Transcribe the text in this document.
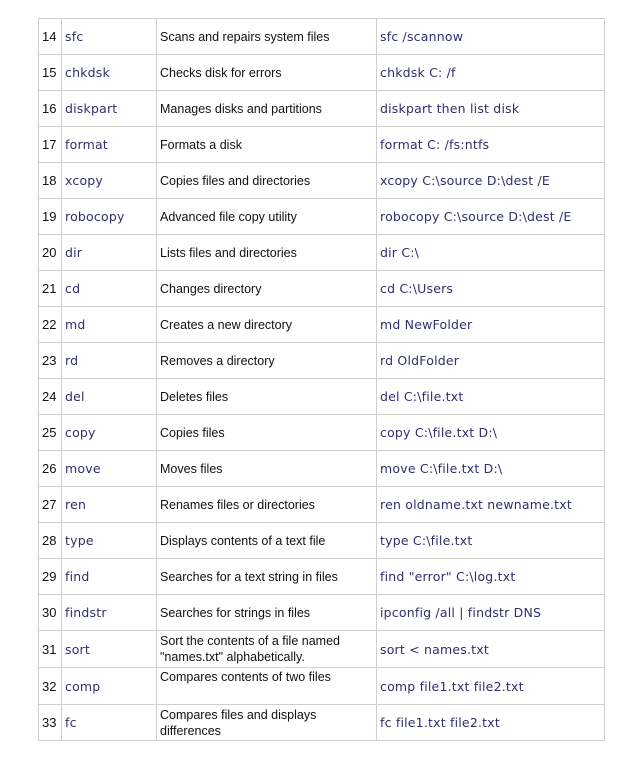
14	sfc	Scans and repairs system files	sfc /scannow
15	chkdsk	Checks disk for errors	chkdsk C: /f
16	diskpart	Manages disks and partitions	diskpart then list disk
17	format	Formats a disk	format C: /fs:ntfs
18	xcopy	Copies files and directories	xcopy C:\source D:\dest /E
19	robocopy	Advanced file copy utility	robocopy C:\source D:\dest /E
20	dir	Lists files and directories	dir C:\
21	cd	Changes directory	cd C:\Users
22	md	Creates a new directory	md NewFolder
23	rd	Removes a directory	rd OldFolder
24	del	Deletes files	del C:\file.txt
25	copy	Copies files	copy C:\file.txt D:\
26	move	Moves files	move C:\file.txt D:\
27	ren	Renames files or directories	ren oldname.txt newname.txt
28	type	Displays contents of a text file	type C:\file.txt
29	find	Searches for a text string in files	find "error" C:\log.txt
30	findstr	Searches for strings in files	ipconfig /all | findstr DNS
31	sort	Sort the contents of a file named "names.txt" alphabetically.	sort < names.txt
32	comp	Compares contents of two files	comp file1.txt file2.txt
33	fc	Compares files and displays differences	fc file1.txt file2.txt
